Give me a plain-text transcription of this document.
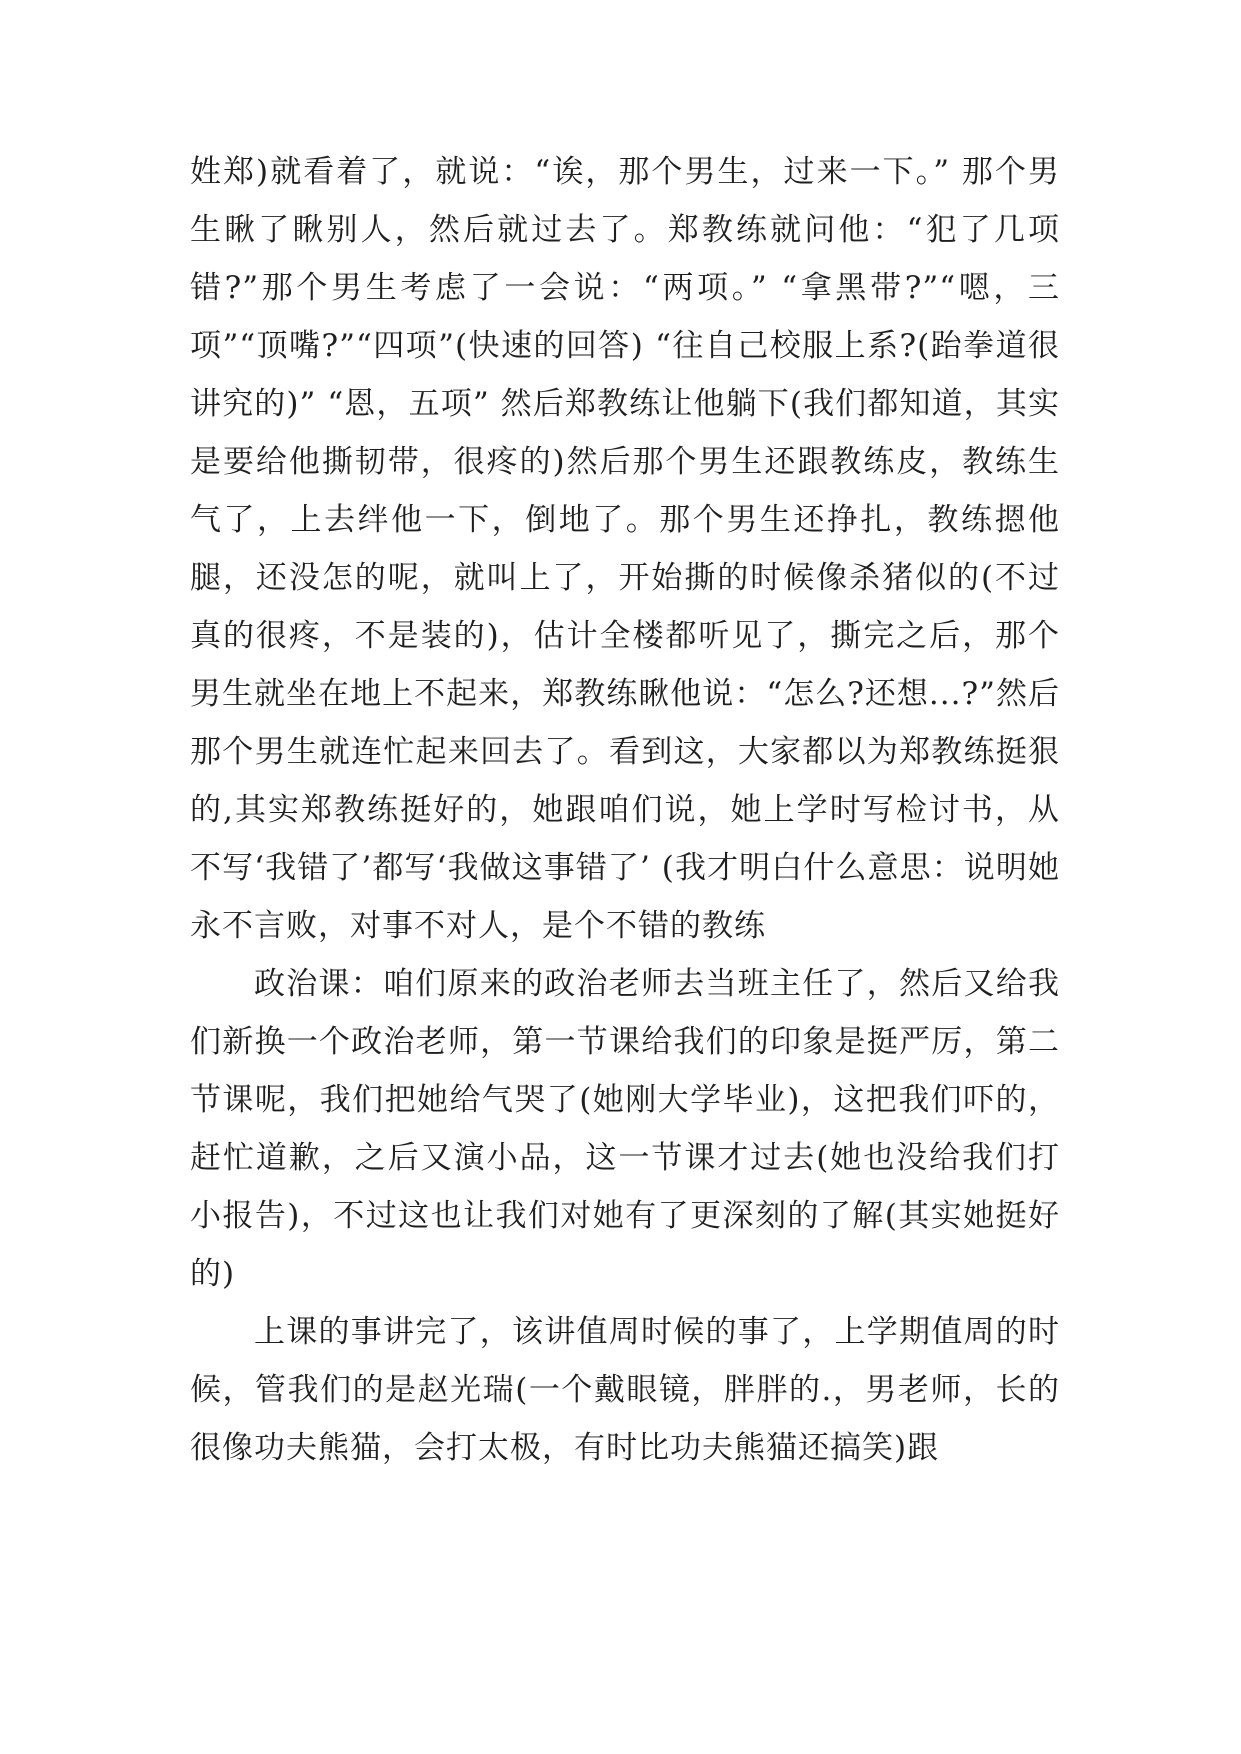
姓郑)就看着了，就说：“诶，那个男生，过来一下。” 那个男生瞅了瞅别人，然后就过去了。郑教练就问他：“犯了几项错?”那个男生考虑了一会说：“两项。” “拿黑带?”“嗯，三项”“顶嘴?”“四项”(快速的回答) “往自己校服上系?(跆拳道很讲究的)” “恩，五项” 然后郑教练让他躺下(我们都知道，其实是要给他撕韧带，很疼的)然后那个男生还跟教练皮，教练生气了，上去绊他一下，倒地了。那个男生还挣扎，教练摁他腿，还没怎的呢，就叫上了，开始撕的时候像杀猪似的(不过真的很疼，不是装的)，估计全楼都听见了，撕完之后，那个男生就坐在地上不起来，郑教练瞅他说：“怎么?还想...?”然后那个男生就连忙起来回去了。看到这，大家都以为郑教练挺狠的,其实郑教练挺好的，她跟咱们说，她上学时写检讨书，从不写‘我错了’都写‘我做这事错了’ (我才明白什么意思：说明她永不言败，对事不对人，是个不错的教练

政治课：咱们原来的政治老师去当班主任了，然后又给我们新换一个政治老师，第一节课给我们的印象是挺严厉，第二节课呢，我们把她给气哭了(她刚大学毕业)，这把我们吓的，赶忙道歉，之后又演小品，这一节课才过去(她也没给我们打小报告)，不过这也让我们对她有了更深刻的了解(其实她挺好的)

上课的事讲完了，该讲值周时候的事了，上学期值周的时候，管我们的是赵光瑞(一个戴眼镜，胖胖的.，男老师，长的很像功夫熊猫，会打太极，有时比功夫熊猫还搞笑)跟
